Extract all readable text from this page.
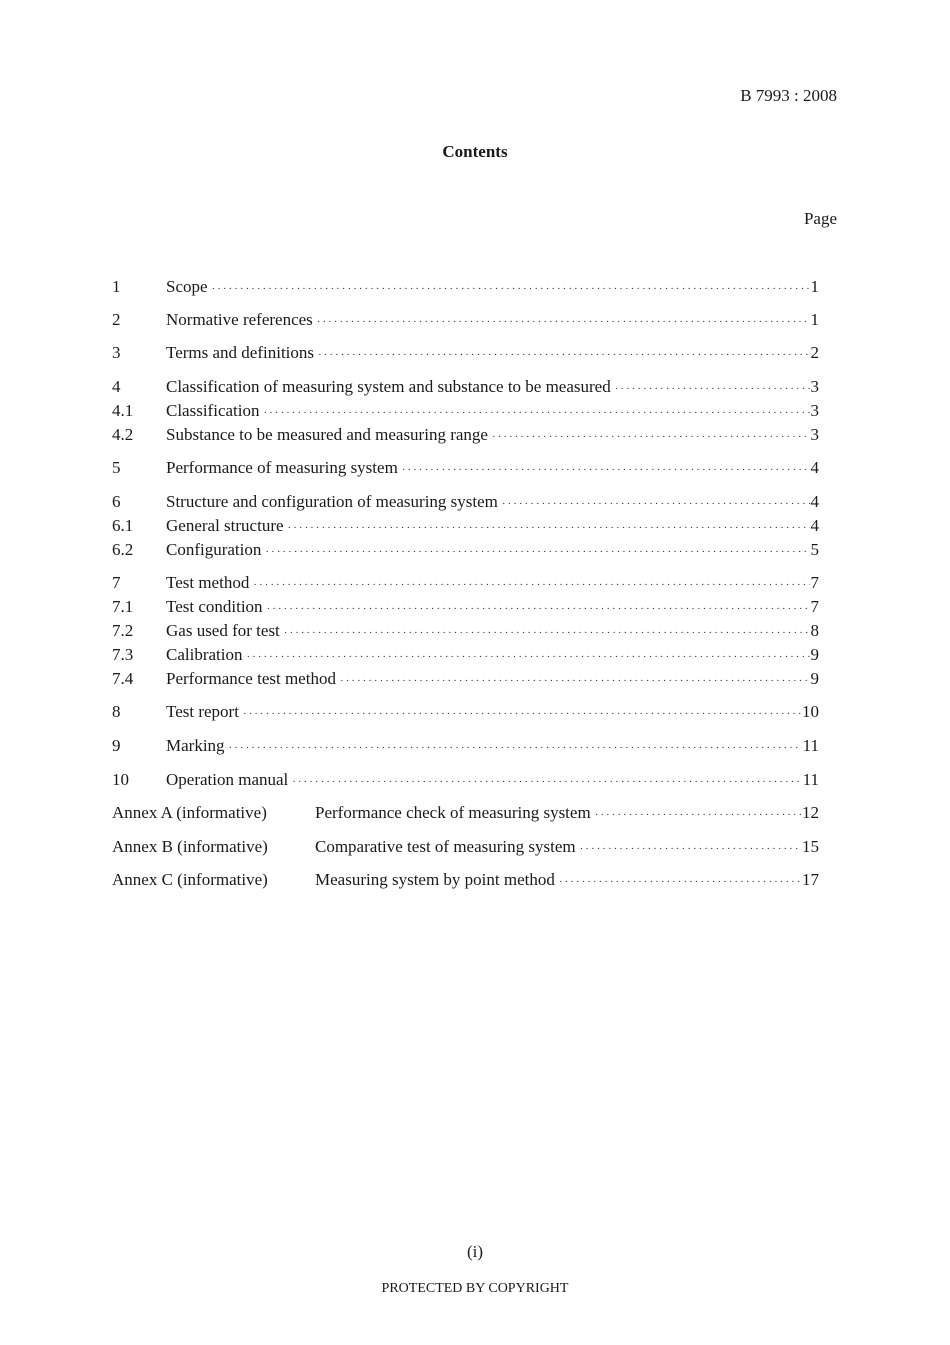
B 7993 : 2008
Contents
Page
1	Scope ·····	1
2	Normative references ·····	1
3	Terms and definitions ·····	2
4	Classification of measuring system and substance to be measured ·····	3
4.1 Classification ·····	3
4.2 Substance to be measured and measuring range ·····	3
5	Performance of measuring system ·····	4
6	Structure and configuration of measuring system ·····	4
6.1 General structure ·····	4
6.2 Configuration ·····	5
7	Test method ·····	7
7.1 Test condition ·····	7
7.2 Gas used for test ·····	8
7.3 Calibration ·····	9
7.4 Performance test method ·····	9
8	Test report ·····	10
9	Marking ·····	11
10 Operation manual ·····	11
Annex A (informative)	Performance check of measuring system ·····	12
Annex B (informative)	Comparative test of measuring system ·····	15
Annex C (informative)	Measuring system by point method ·····	17
(i)
PROTECTED BY COPYRIGHT
